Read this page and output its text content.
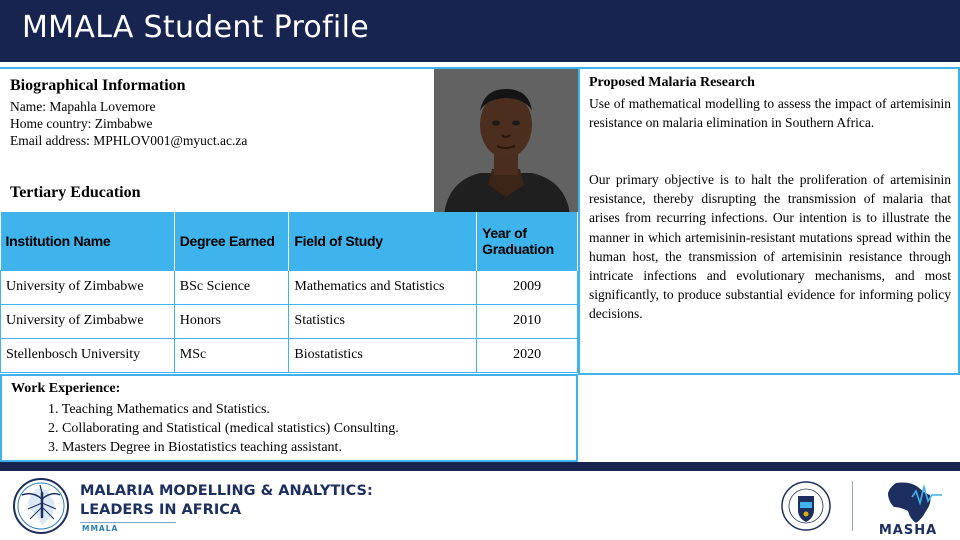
MMALA Student Profile
Biographical Information
Name: Mapahla Lovemore
Home country: Zimbabwe
Email address: MPHLOV001@myuct.ac.za
Tertiary Education
Proposed Malaria Research
Use of mathematical modelling to assess the impact of artemisinin resistance on malaria elimination in Southern Africa.
Our primary objective is to halt the proliferation of artemisinin resistance, thereby disrupting the transmission of malaria that arises from recurring infections. Our intention is to illustrate the manner in which artemisinin-resistant mutations spread within the human host, the transmission of artemisinin resistance through intricate infections and evolutionary mechanisms, and most significantly, to produce substantial evidence for informing policy decisions.
Institution Name	Degree Earned	Field of Study	Year of Graduation
University of Zimbabwe	BSc Science	Mathematics and Statistics	2009
University of Zimbabwe	Honors	Statistics	2010
Stellenbosch University	MSc	Biostatistics	2020
Work Experience:
1. Teaching Mathematics and Statistics.
2. Collaborating and Statistical (medical statistics) Consulting.
3. Masters Degree in Biostatistics teaching assistant.
MALARIA MODELLING & ANALYTICS:
LEADERS IN AFRICA
MMALA	MASHA
